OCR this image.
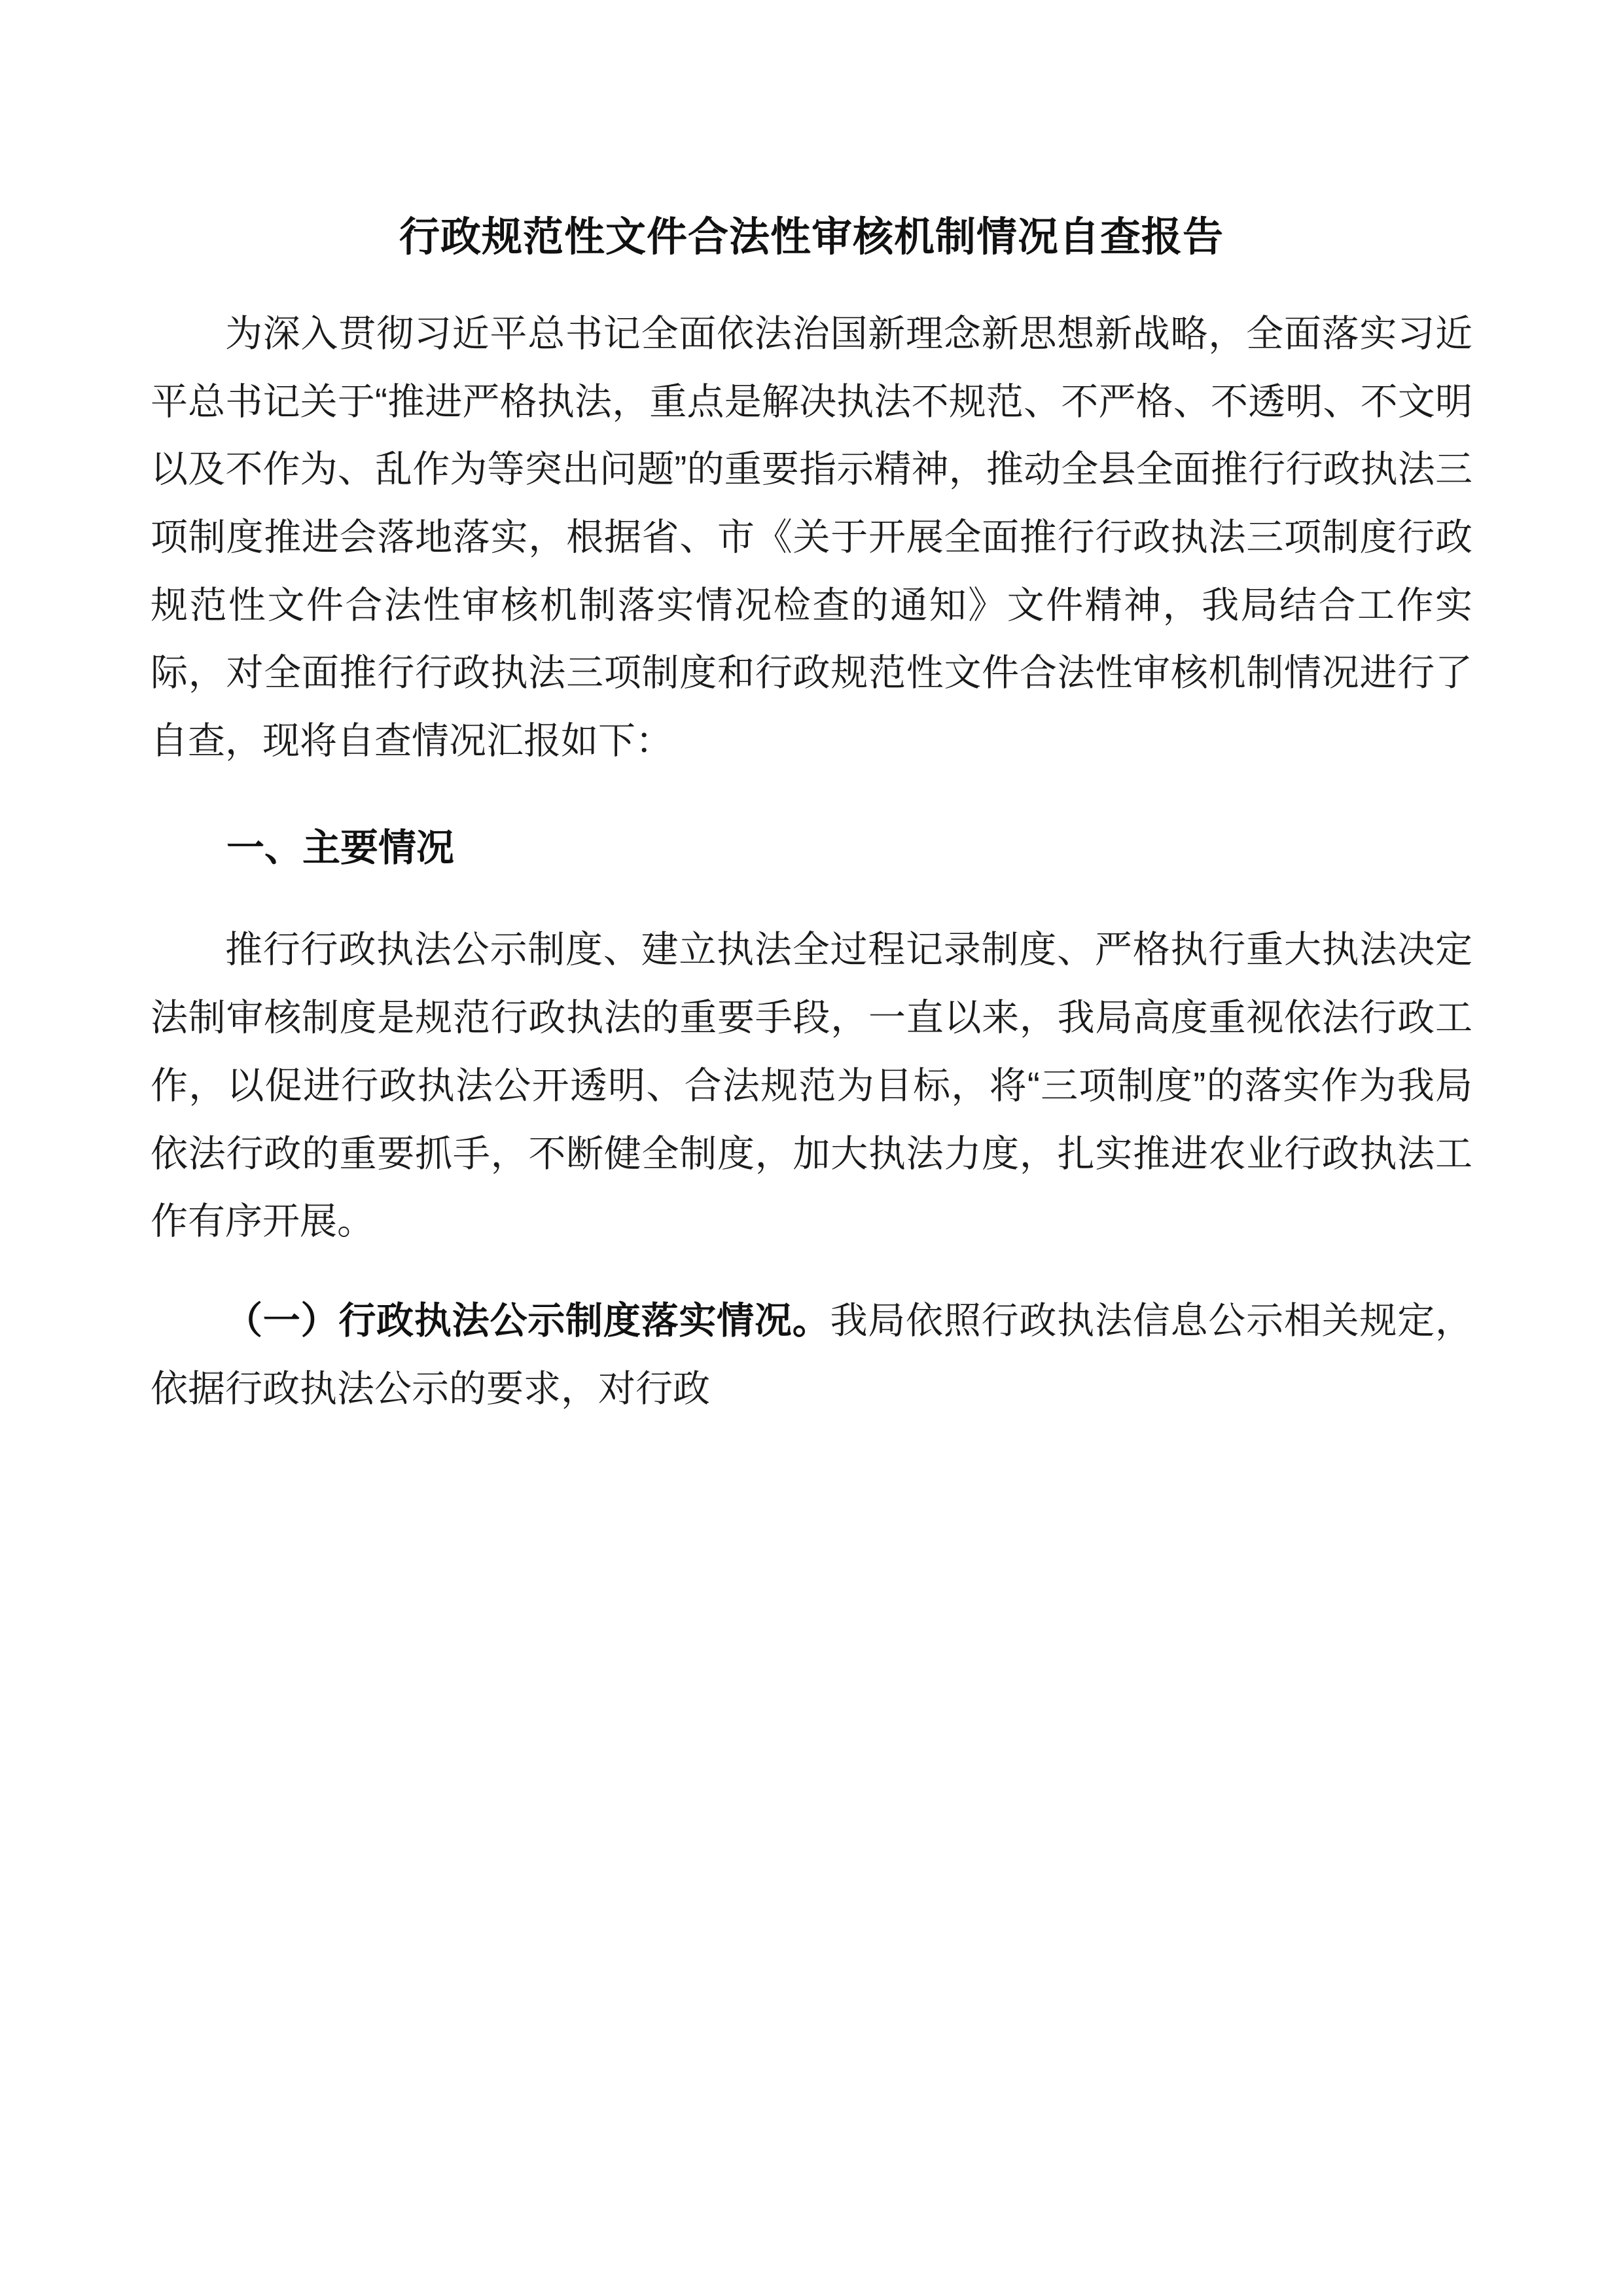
行政规范性文件合法性审核机制情况自查报告

为深入贯彻习近平总书记全面依法治国新理念新思想新战略，全面落实习近平总书记关于“推进严格执法，重点是解决执法不规范、不严格、不透明、不文明以及不作为、乱作为等突出问题”的重要指示精神，推动全县全面推行行政执法三项制度推进会落地落实，根据省、市《关于开展全面推行行政执法三项制度行政规范性文件合法性审核机制落实情况检查的通知》文件精神，我局结合工作实际，对全面推行行政执法三项制度和行政规范性文件合法性审核机制情况进行了自查，现将自查情况汇报如下：

一、主要情况

推行行政执法公示制度、建立执法全过程记录制度、严格执行重大执法决定法制审核制度是规范行政执法的重要手段，一直以来，我局高度重视依法行政工作，以促进行政执法公开透明、合法规范为目标，将“三项制度”的落实作为我局依法行政的重要抓手，不断健全制度，加大执法力度，扎实推进农业行政执法工作有序开展。

（一）行政执法公示制度落实情况。我局依照行政执法信息公示相关规定，依据行政执法公示的要求，对行政
